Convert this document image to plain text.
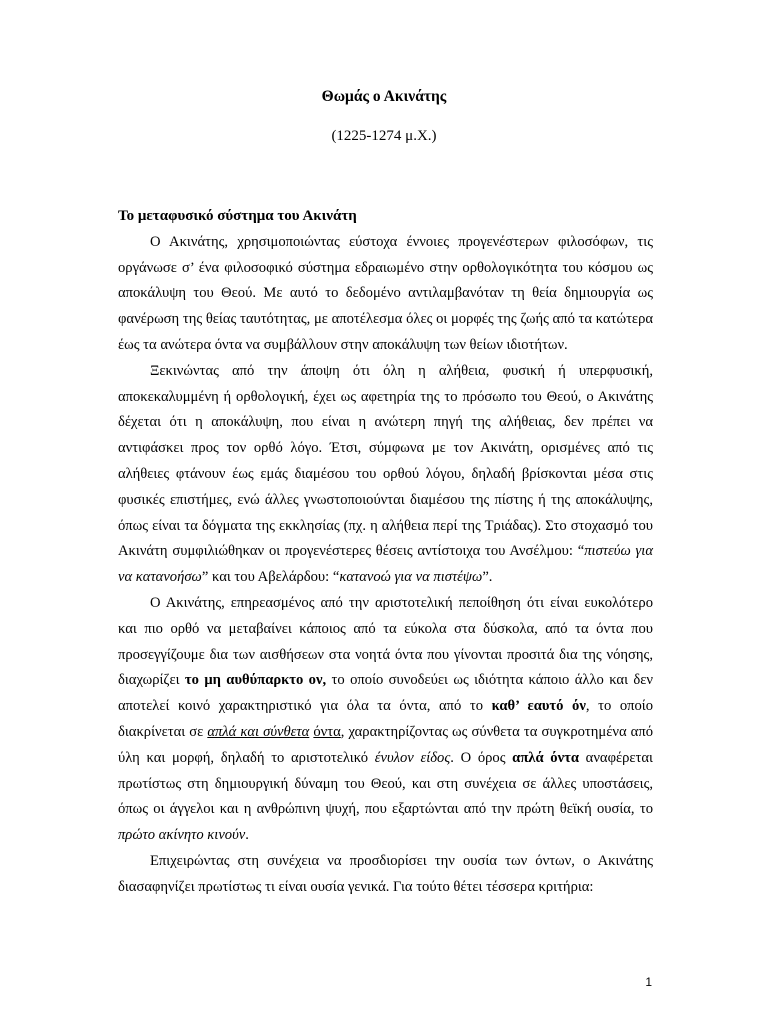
Θωμάς ο Ακινάτης
(1225-1274 μ.Χ.)

Το μεταφυσικό σύστημα του Ακινάτη

Ο Ακινάτης, χρησιμοποιώντας εύστοχα έννοιες προγενέστερων φιλοσόφων, τις οργάνωσε σ’ ένα φιλοσοφικό σύστημα εδραιωμένο στην ορθολογικότητα του κόσμου ως αποκάλυψη του Θεού. Με αυτό το δεδομένο αντιλαμβανόταν τη θεία δημιουργία ως φανέρωση της θείας ταυτότητας, με αποτέλεσμα όλες οι μορφές της ζωής από τα κατώτερα έως τα ανώτερα όντα να συμβάλλουν στην αποκάλυψη των θείων ιδιοτήτων.

Ξεκινώντας από την άποψη ότι όλη η αλήθεια, φυσική ή υπερφυσική, αποκεκαλυμμένη ή ορθολογική, έχει ως αφετηρία της το πρόσωπο του Θεού, ο Ακινάτης δέχεται ότι η αποκάλυψη, που είναι η ανώτερη πηγή της αλήθειας, δεν πρέπει να αντιφάσκει προς τον ορθό λόγο. Έτσι, σύμφωνα με τον Ακινάτη, ορισμένες από τις αλήθειες φτάνουν έως εμάς διαμέσου του ορθού λόγου, δηλαδή βρίσκονται μέσα στις φυσικές επιστήμες, ενώ άλλες γνωστοποιούνται διαμέσου της πίστης ή της αποκάλυψης, όπως είναι τα δόγματα της εκκλησίας (πχ. η αλήθεια περί της Τριάδας). Στο στοχασμό του Ακινάτη συμφιλιώθηκαν οι προγενέστερες θέσεις αντίστοιχα του Ανσέλμου: “πιστεύω για να κατανοήσω” και του Αβελάρδου: “κατανοώ για να πιστέψω”.

Ο Ακινάτης, επηρεασμένος από την αριστοτελική πεποίθηση ότι είναι ευκολότερο και πιο ορθό να μεταβαίνει κάποιος από τα εύκολα στα δύσκολα, από τα όντα που προσεγγίζουμε δια των αισθήσεων στα νοητά όντα που γίνονται προσιτά δια της νόησης, διαχωρίζει το μη αυθύπαρκτο ον, το οποίο συνοδεύει ως ιδιότητα κάποιο άλλο και δεν αποτελεί κοινό χαρακτηριστικό για όλα τα όντα, από το καθ’ εαυτό όν, το οποίο διακρίνεται σε απλά και σύνθετα όντα, χαρακτηρίζοντας ως σύνθετα τα συγκροτημένα από ύλη και μορφή, δηλαδή το αριστοτελικό ένυλον είδος. Ο όρος απλά όντα αναφέρεται πρωτίστως στη δημιουργική δύναμη του Θεού, και στη συνέχεια σε άλλες υποστάσεις, όπως οι άγγελοι και η ανθρώπινη ψυχή, που εξαρτώνται από την πρώτη θεϊκή ουσία, το πρώτο ακίνητο κινούν.

Επιχειρώντας στη συνέχεια να προσδιορίσει την ουσία των όντων, ο Ακινάτης διασαφηνίζει πρωτίστως τι είναι ουσία γενικά. Για τούτο θέτει τέσσερα κριτήρια:

1
